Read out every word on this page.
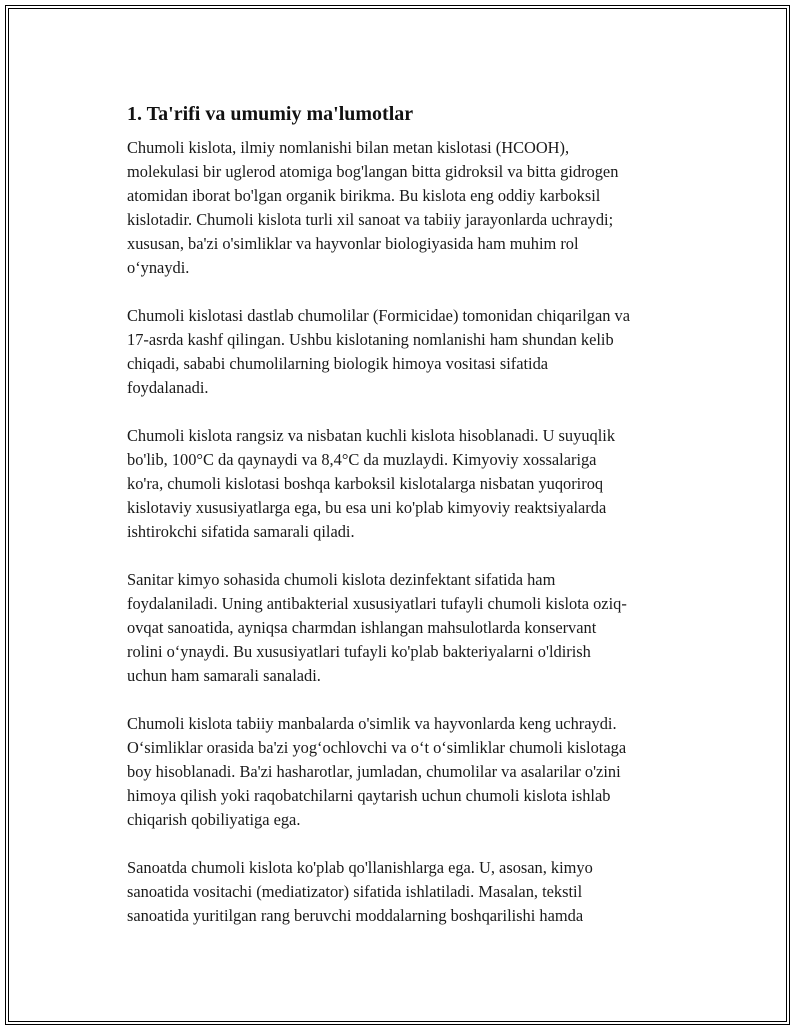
1. Ta'rifi va umumiy ma'lumotlar

Chumoli kislota, ilmiy nomlanishi bilan metan kislotasi (HCOOH),
molekulasi bir uglerod atomiga bog'langan bitta gidroksil va bitta gidrogen
atomidan iborat bo'lgan organik birikma. Bu kislota eng oddiy karboksil
kislotadir. Chumoli kislota turli xil sanoat va tabiiy jarayonlarda uchraydi;
xususan, ba'zi o'simliklar va hayvonlar biologiyasida ham muhim rol
o‘ynaydi.

Chumoli kislotasi dastlab chumolilar (Formicidae) tomonidan chiqarilgan va
17-asrda kashf qilingan. Ushbu kislotaning nomlanishi ham shundan kelib
chiqadi, sababi chumolilarning biologik himoya vositasi sifatida
foydalanadi.

Chumoli kislota rangsiz va nisbatan kuchli kislota hisoblanadi. U suyuqlik
bo'lib, 100°C da qaynaydi va 8,4°C da muzlaydi. Kimyoviy xossalariga
ko'ra, chumoli kislotasi boshqa karboksil kislotalarga nisbatan yuqoriroq
kislotaviy xususiyatlarga ega, bu esa uni ko'plab kimyoviy reaktsiyalarda
ishtirokchi sifatida samarali qiladi.

Sanitar kimyo sohasida chumoli kislota dezinfektant sifatida ham
foydalaniladi. Uning antibakterial xususiyatlari tufayli chumoli kislota oziq-
ovqat sanoatida, ayniqsa charmdan ishlangan mahsulotlarda konservant
rolini o‘ynaydi. Bu xususiyatlari tufayli ko'plab bakteriyalarni o'ldirish
uchun ham samarali sanaladi.

Chumoli kislota tabiiy manbalarda o'simlik va hayvonlarda keng uchraydi.
O‘simliklar orasida ba'zi yog‘ochlovchi va o‘t o‘simliklar chumoli kislotaga
boy hisoblanadi. Ba'zi hasharotlar, jumladan, chumolilar va asalarilar o'zini
himoya qilish yoki raqobatchilarni qaytarish uchun chumoli kislota ishlab
chiqarish qobiliyatiga ega.

Sanoatda chumoli kislota ko'plab qo'llanishlarga ega. U, asosan, kimyo
sanoatida vositachi (mediatizator) sifatida ishlatiladi. Masalan, tekstil
sanoatida yuritilgan rang beruvchi moddalarning boshqarilishi hamda
